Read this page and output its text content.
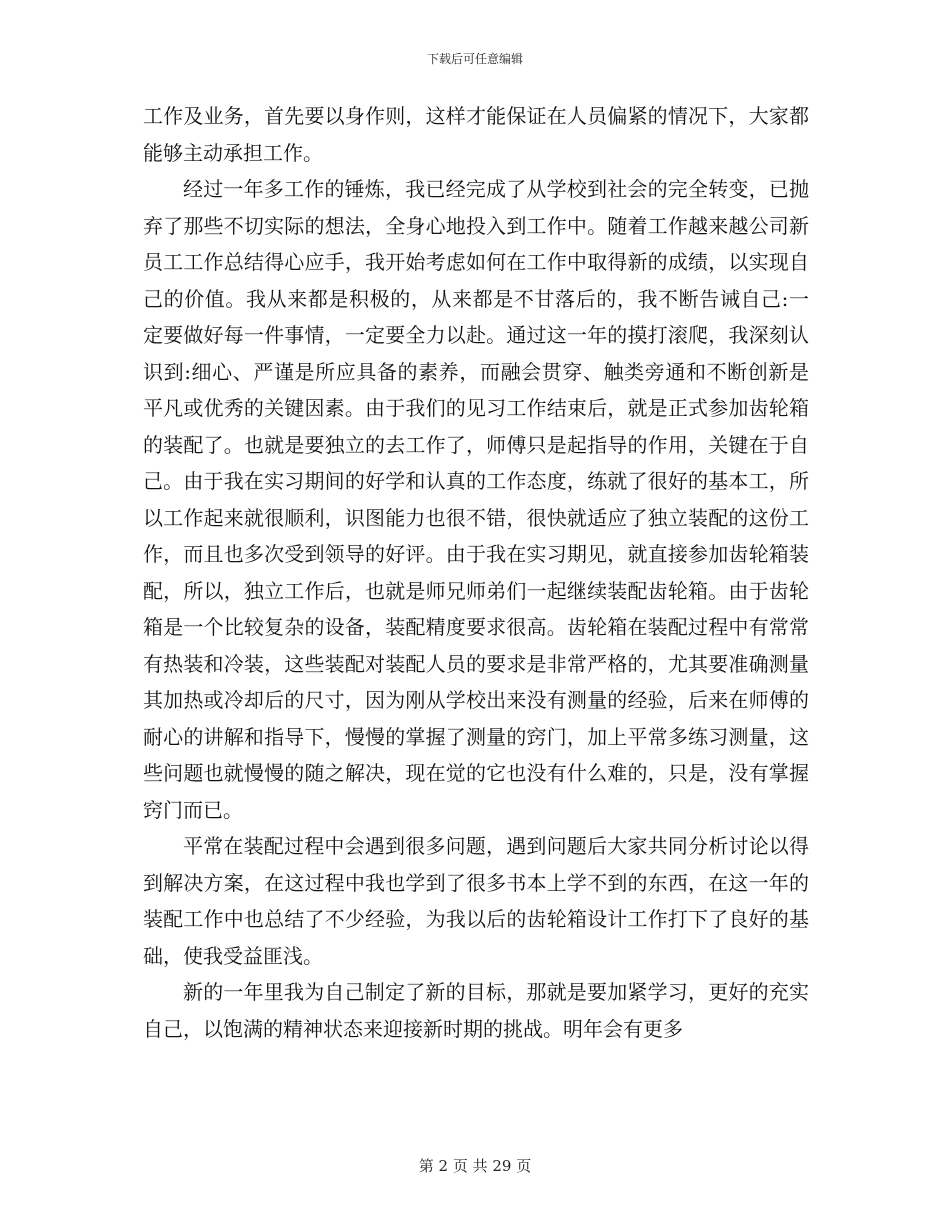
下载后可任意编辑

工作及业务，首先要以身作则，这样才能保证在人员偏紧的情况下，大家都能够主动承担工作。

经过一年多工作的锤炼，我已经完成了从学校到社会的完全转变，已抛弃了那些不切实际的想法，全身心地投入到工作中。随着工作越来越公司新员工工作总结得心应手，我开始考虑如何在工作中取得新的成绩，以实现自己的价值。我从来都是积极的，从来都是不甘落后的，我不断告诫自己:一定要做好每一件事情，一定要全力以赴。通过这一年的摸打滚爬，我深刻认识到:细心、严谨是所应具备的素养，而融会贯穿、触类旁通和不断创新是平凡或优秀的关键因素。由于我们的见习工作结束后，就是正式参加齿轮箱的装配了。也就是要独立的去工作了，师傅只是起指导的作用，关键在于自己。由于我在实习期间的好学和认真的工作态度，练就了很好的基本工，所以工作起来就很顺利，识图能力也很不错，很快就适应了独立装配的这份工作，而且也多次受到领导的好评。由于我在实习期见，就直接参加齿轮箱装配，所以，独立工作后，也就是师兄师弟们一起继续装配齿轮箱。由于齿轮箱是一个比较复杂的设备，装配精度要求很高。齿轮箱在装配过程中有常常有热装和冷装，这些装配对装配人员的要求是非常严格的，尤其要准确测量其加热或冷却后的尺寸，因为刚从学校出来没有测量的经验，后来在师傅的耐心的讲解和指导下，慢慢的掌握了测量的窍门，加上平常多练习测量，这些问题也就慢慢的随之解决，现在觉的它也没有什么难的，只是，没有掌握窍门而已。

平常在装配过程中会遇到很多问题，遇到问题后大家共同分析讨论以得到解决方案，在这过程中我也学到了很多书本上学不到的东西，在这一年的装配工作中也总结了不少经验，为我以后的齿轮箱设计工作打下了良好的基础，使我受益匪浅。

新的一年里我为自己制定了新的目标，那就是要加紧学习，更好的充实自己，以饱满的精神状态来迎接新时期的挑战。明年会有更多

第 2 页 共 29 页
